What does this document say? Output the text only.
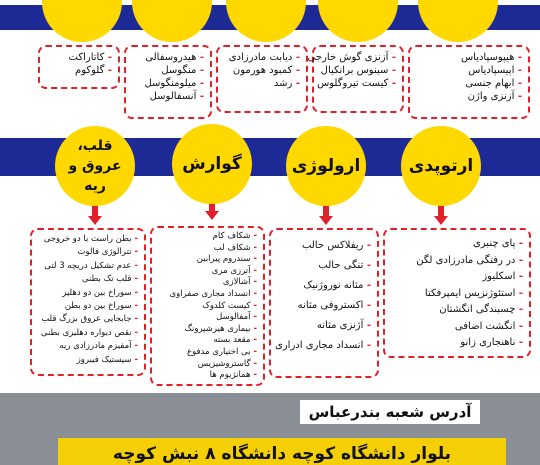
- هیپوسپادیاس
- اپیسپادیاس
- ابهام جنسی
- آزنزی واژن
- آزنزی گوش خارجی
- سینوس برانکیال
- کیست تیروگلوس
- دیابت مادرزادی
- کمبود هورمون
- رشد
- هیدروسفالی
- منگوسل
- میلومنگوسل
- آنسفالوسل
- کاتاراکت
- گلوکوم
ارتوپدی
ارولوژی
گوارش
قلب، عروق و ریه
- پای چنبری
- در رفتگی مادرزادی لگن
- اسکلیوز
- استئوژنزیس ایمپرفکتا
- چسبندگی انگشتان
- انگشت اضافی
- ناهنجاری زانو
- ریفلاکس حالب
- تنگی حالب
- مثانه نوروژنیک
- اکستروفی مثانه
- آژنزی مثانه
- انسداد مجاری ادراری
- شکاف کام
- شکاف لب
- سندروم پیرابین
- آترزی مری
- آشالازی
- انسداد مجاری صفراوی
- کیست کلدوک
- آمفالوسل
- بیماری هیرشپرونگ
- مقعد بسته
- بی اختیاری مدفوع
- گاستروشیزیس
- همانژیوم ها
- بطن راست با دو خروجی
- تترالوژی فالوت
- عدم تشکیل دریچه 3 لتی
- قلب تک بطنی
- سوراخ بین دو دهلیز
- سوراخ بین دو بطن
- جابجایی عروق بزرگ قلب
- نقص دیواره دهلیزی بطنی
- آمفیزم مادرزادی ریه
- سیستیک فیبروز
آدرس شعبه بندرعباس
بلوار دانشگاه کوچه دانشگاه ۸ نبش کوچه
